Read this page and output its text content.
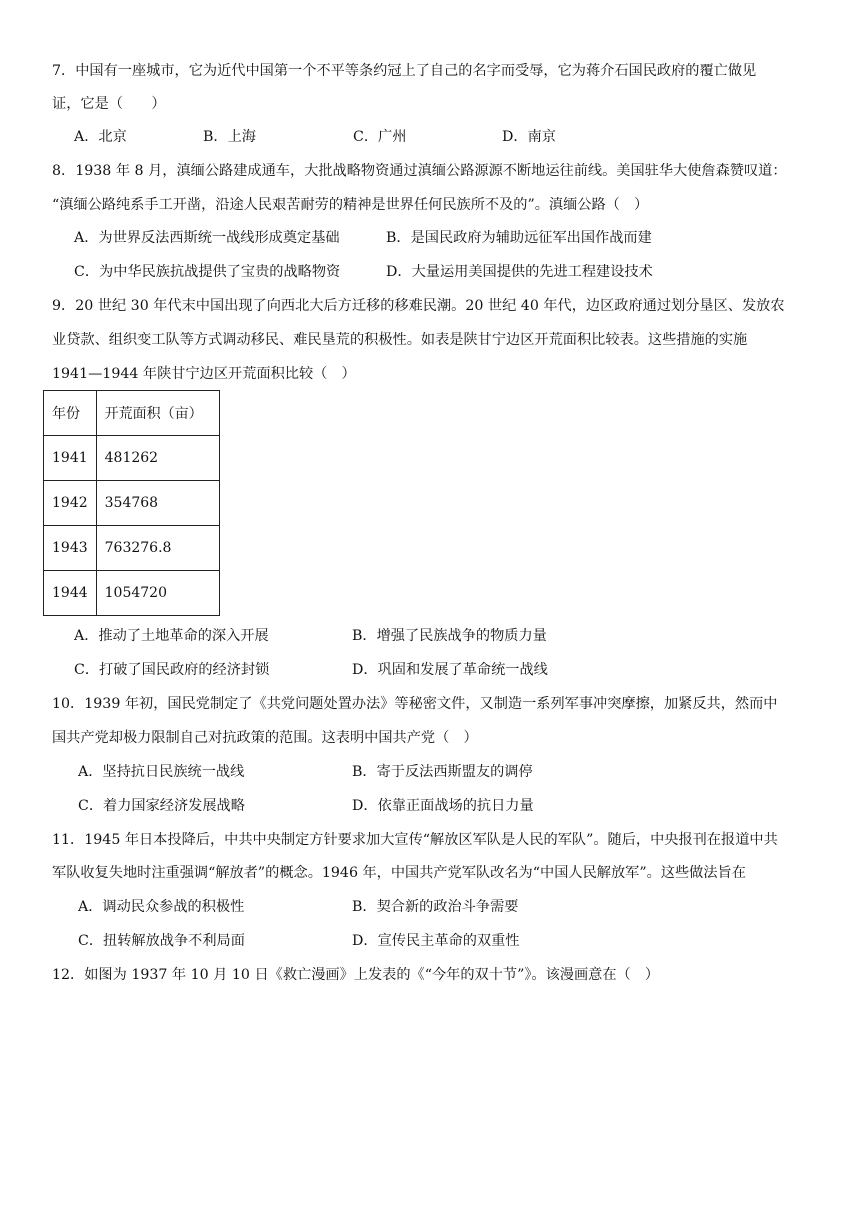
7．中国有一座城市，它为近代中国第一个不平等条约冠上了自己的名字而受辱，它为蒋介石国民政府的覆亡做见
证，它是（　　）
A．北京	B．上海	C．广州	D．南京
8．1938 年 8 月，滇缅公路建成通车，大批战略物资通过滇缅公路源源不断地运往前线。美国驻华大使詹森赞叹道：
“滇缅公路纯系手工开凿，沿途人民艰苦耐劳的精神是世界任何民族所不及的”。滇缅公路（　）
A．为世界反法西斯统一战线形成奠定基础	B．是国民政府为辅助远征军出国作战而建
C．为中华民族抗战提供了宝贵的战略物资	D．大量运用美国提供的先进工程建设技术
9．20 世纪 30 年代末中国出现了向西北大后方迁移的移难民潮。20 世纪 40 年代，边区政府通过划分垦区、发放农
业贷款、组织变工队等方式调动移民、难民垦荒的积极性。如表是陕甘宁边区开荒面积比较表。这些措施的实施
1941—1944 年陕甘宁边区开荒面积比较（　）
年份	开荒面积（亩）
1941	481262
1942	354768
1943	763276.8
1944	1054720
A．推动了土地革命的深入开展	B．增强了民族战争的物质力量
C．打破了国民政府的经济封锁	D．巩固和发展了革命统一战线
10．1939 年初，国民党制定了《共党问题处置办法》等秘密文件，又制造一系列军事冲突摩擦，加紧反共，然而中
国共产党却极力限制自己对抗政策的范围。这表明中国共产党（　）
A．坚持抗日民族统一战线	B．寄于反法西斯盟友的调停
C．着力国家经济发展战略	D．依靠正面战场的抗日力量
11．1945 年日本投降后，中共中央制定方针要求加大宣传“解放区军队是人民的军队”。随后，中央报刊在报道中共
军队收复失地时注重强调“解放者”的概念。1946 年，中国共产党军队改名为“中国人民解放军”。这些做法旨在
A．调动民众参战的积极性	B．契合新的政治斗争需要
C．扭转解放战争不利局面	D．宣传民主革命的双重性
12．如图为 1937 年 10 月 10 日《救亡漫画》上发表的《“今年的双十节”》。该漫画意在（　）
